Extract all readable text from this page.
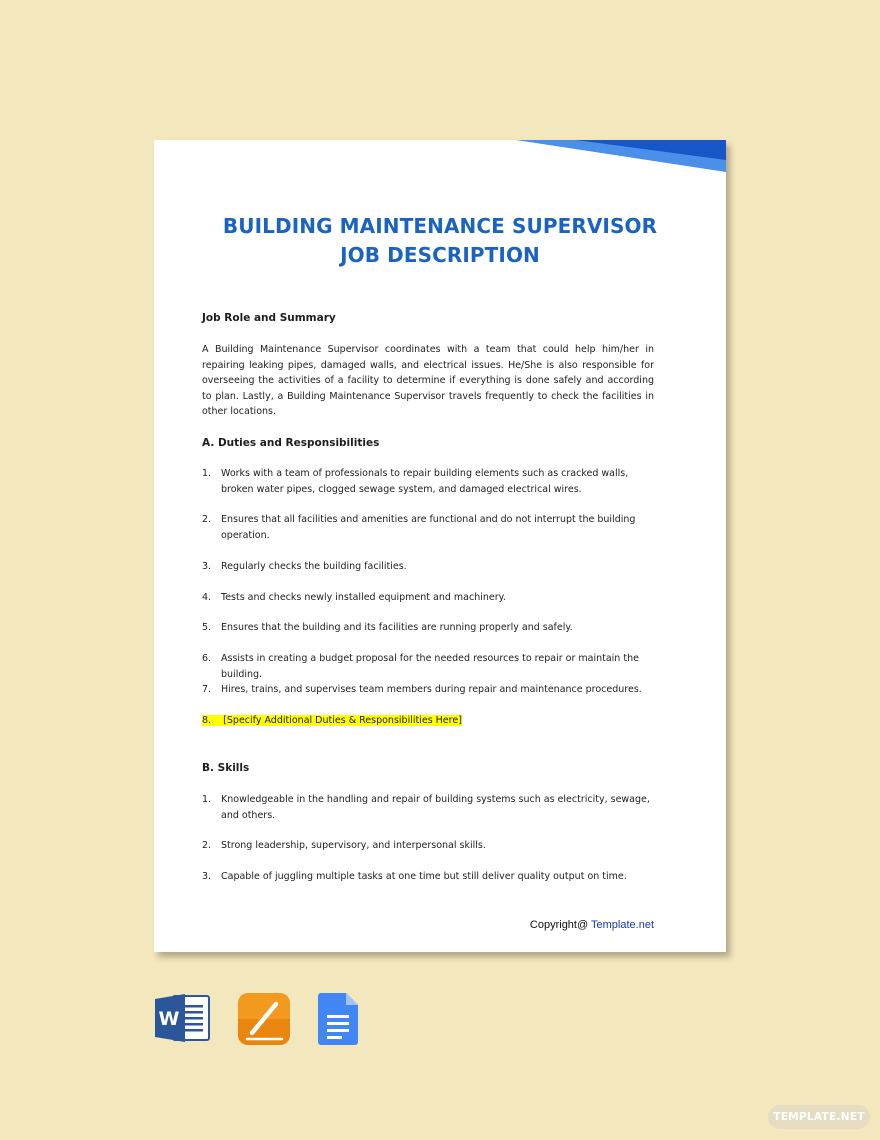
BUILDING MAINTENANCE SUPERVISOR
JOB DESCRIPTION
Job Role and Summary

A Building Maintenance Supervisor coordinates with a team that could help him/her in repairing leaking pipes, damaged walls, and electrical issues. He/She is also responsible for overseeing the activities of a facility to determine if everything is done safely and according to plan. Lastly, a Building Maintenance Supervisor travels frequently to check the facilities in other locations.

A. Duties and Responsibilities
1. Works with a team of professionals to repair building elements such as cracked walls, broken water pipes, clogged sewage system, and damaged electrical wires.
2. Ensures that all facilities and amenities are functional and do not interrupt the building operation.
3. Regularly checks the building facilities.
4. Tests and checks newly installed equipment and machinery.
5. Ensures that the building and its facilities are running properly and safely.
6. Assists in creating a budget proposal for the needed resources to repair or maintain the building.
7. Hires, trains, and supervises team members during repair and maintenance procedures.
8. [Specify Additional Duties & Responsibilities Here]
B. Skills
1. Knowledgeable in the handling and repair of building systems such as electricity, sewage, and others.
2. Strong leadership, supervisory, and interpersonal skills.
3. Capable of juggling multiple tasks at one time but still deliver quality output on time.
Copyright@ Template.net
W
TEMPLATE.NET
